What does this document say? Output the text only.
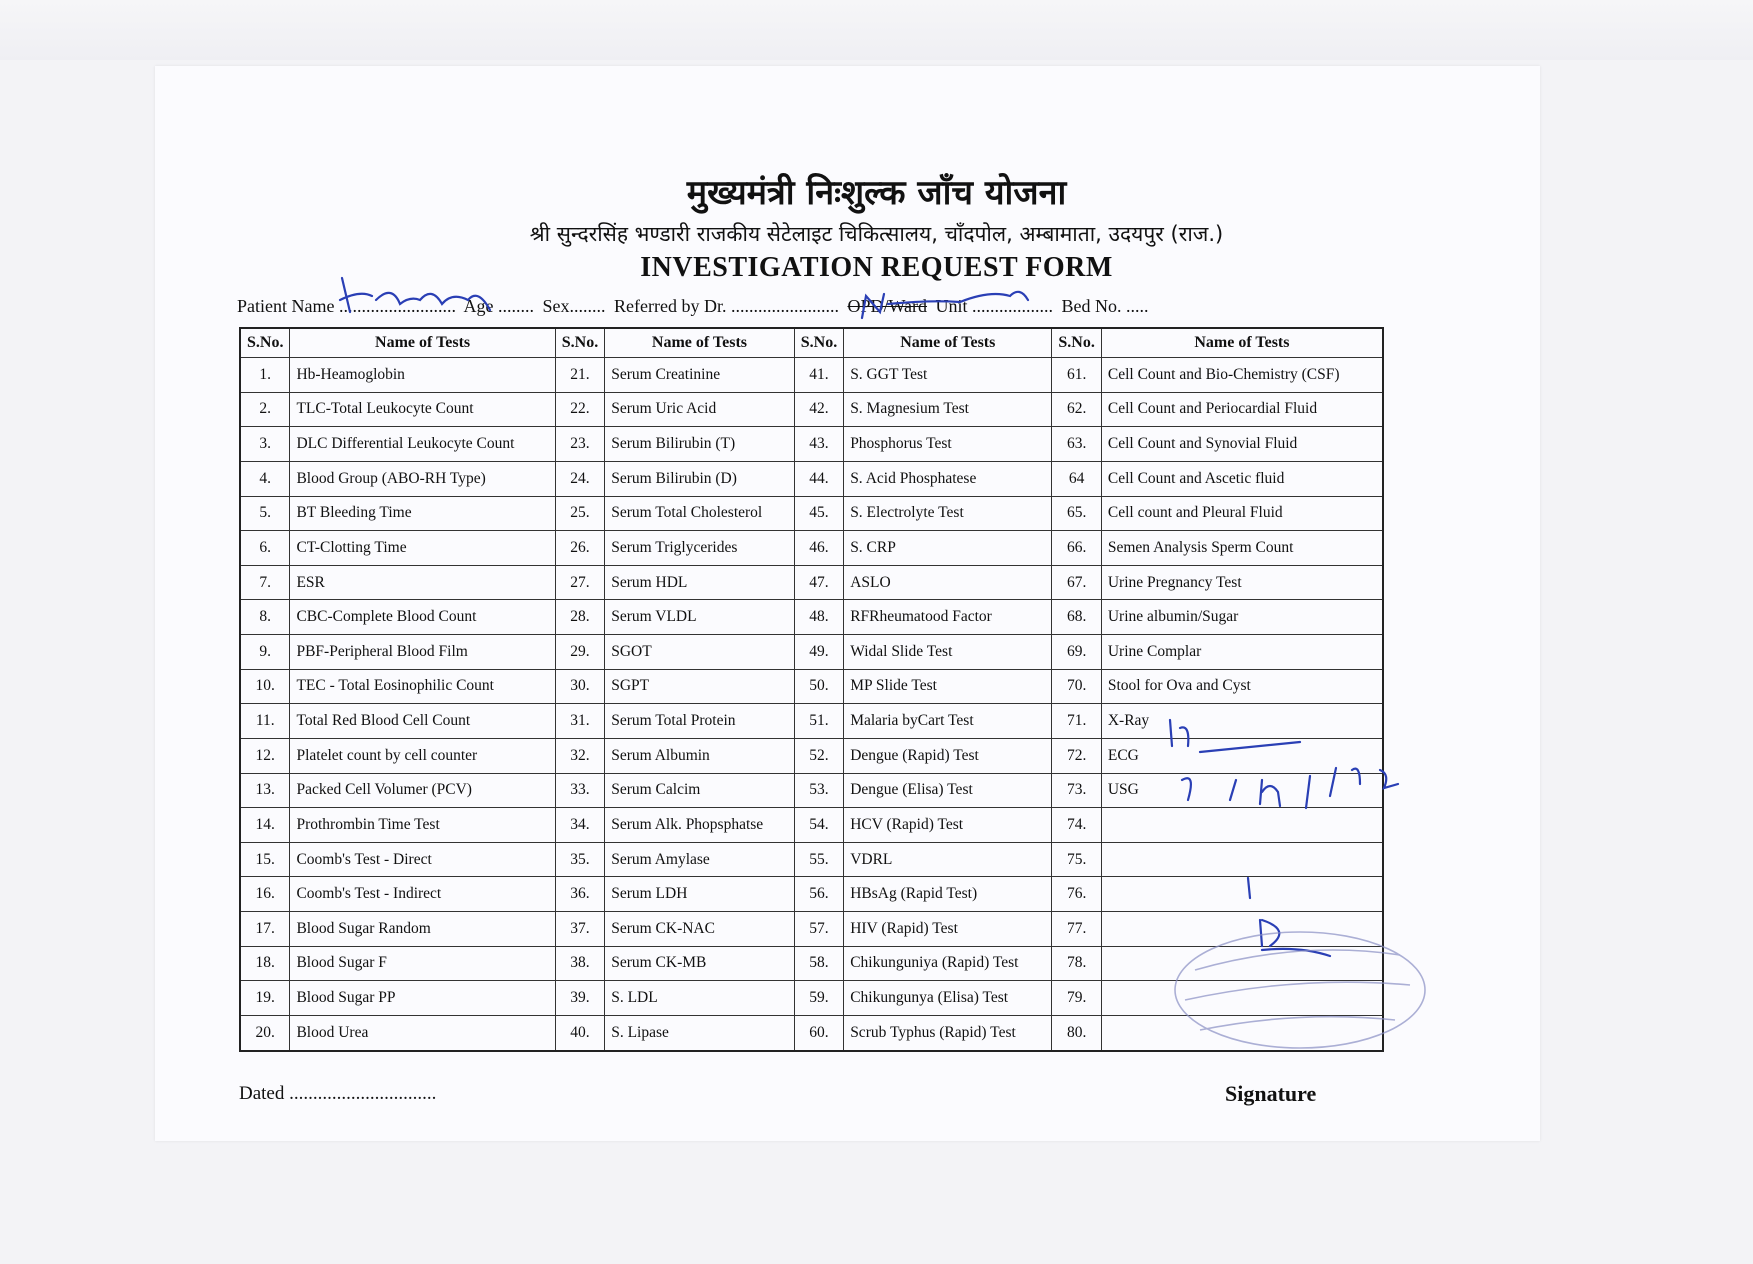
मुख्यमंत्री निःशुल्क जाँच योजना
श्री सुन्दरसिंह भण्डारी राजकीय सेटेलाइट चिकित्सालय, चाँदपोल, अम्बामाता, उदयपुर (राज.)
INVESTIGATION REQUEST FORM
Patient Name .......................... Age ........ Sex........ Referred by Dr. ........................ OPD/Ward Unit .................. Bed No. .....
S.No.	Name of Tests	S.No.	Name of Tests	S.No.	Name of Tests	S.No.	Name of Tests
1.	Hb-Heamoglobin	21.	Serum Creatinine	41.	S. GGT Test	61.	Cell Count and Bio-Chemistry (CSF)
2.	TLC-Total Leukocyte Count	22.	Serum Uric Acid	42.	S. Magnesium Test	62.	Cell Count and Periocardial Fluid
3.	DLC Differential Leukocyte Count	23.	Serum Bilirubin (T)	43.	Phosphorus Test	63.	Cell Count and Synovial Fluid
4.	Blood Group (ABO-RH Type)	24.	Serum Bilirubin (D)	44.	S. Acid Phosphatese	64	Cell Count and Ascetic fluid
5.	BT Bleeding Time	25.	Serum Total Cholesterol	45.	S. Electrolyte Test	65.	Cell count and Pleural Fluid
6.	CT-Clotting Time	26.	Serum Triglycerides	46.	S. CRP	66.	Semen Analysis Sperm Count
7.	ESR	27.	Serum HDL	47.	ASLO	67.	Urine Pregnancy Test
8.	CBC-Complete Blood Count	28.	Serum VLDL	48.	RFRheumatood Factor	68.	Urine albumin/Sugar
9.	PBF-Peripheral Blood Film	29.	SGOT	49.	Widal Slide Test	69.	Urine Complar
10.	TEC - Total Eosinophilic Count	30.	SGPT	50.	MP Slide Test	70.	Stool for Ova and Cyst
11.	Total Red Blood Cell Count	31.	Serum Total Protein	51.	Malaria byCart Test	71.	X-Ray
12.	Platelet count by cell counter	32.	Serum Albumin	52.	Dengue (Rapid) Test	72.	ECG
13.	Packed Cell Volumer (PCV)	33.	Serum Calcim	53.	Dengue (Elisa) Test	73.	USG
14.	Prothrombin Time Test	34.	Serum Alk. Phopsphatse	54.	HCV (Rapid) Test	74.	
15.	Coomb's Test - Direct	35.	Serum Amylase	55.	VDRL	75.	
16.	Coomb's Test - Indirect	36.	Serum LDH	56.	HBsAg (Rapid Test)	76.	
17.	Blood Sugar Random	37.	Serum CK-NAC	57.	HIV (Rapid) Test	77.	
18.	Blood Sugar F	38.	Serum CK-MB	58.	Chikunguniya (Rapid) Test	78.	
19.	Blood Sugar PP	39.	S. LDL	59.	Chikungunya (Elisa) Test	79.	
20.	Blood Urea	40.	S. Lipase	60.	Scrub Typhus (Rapid) Test	80.	
Dated ...............................	Signature
